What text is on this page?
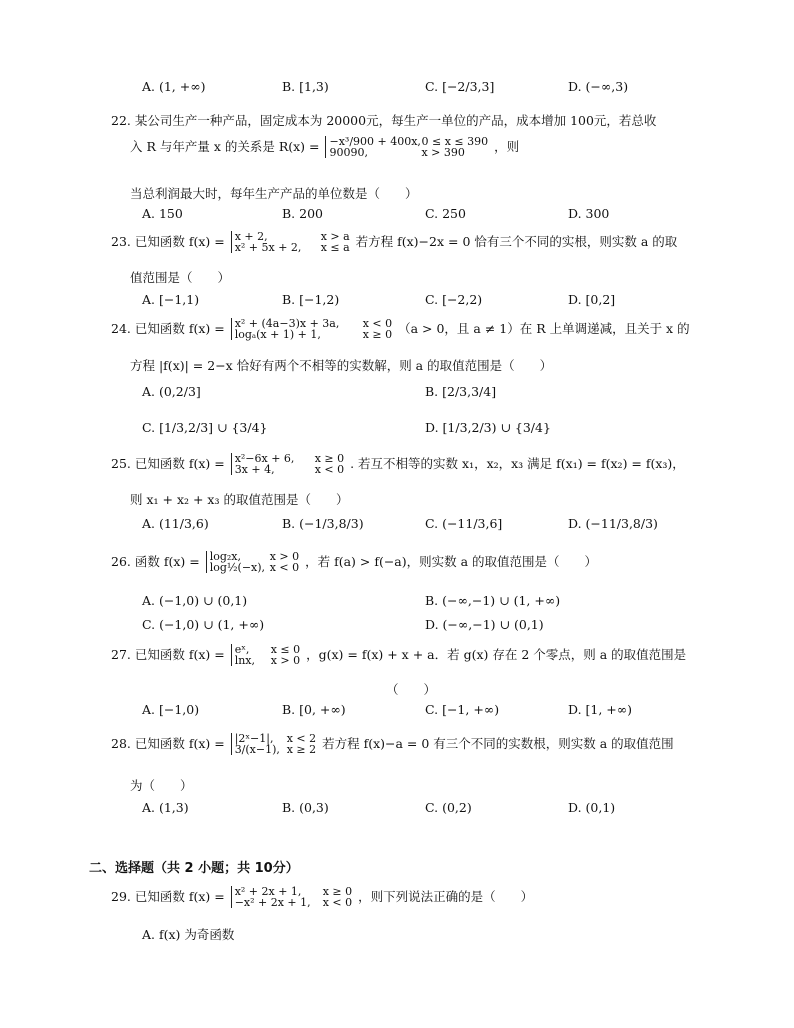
A. (1, +∞)	B. [1,3)	C. [−2/3,3]	D. (−∞,3)
22. 某公司生产一种产品，固定成本为 20000元，每生产一单位的产品，成本增加 100元，若总收
入 R 与年产量 x 的关系是 R(x) = −x³/900 + 400x,0 ≤ x ≤ 390
90090,	x > 390	，则
当总利润最大时，每年生产产品的单位数是（　　）
A. 150	B. 200	C. 250	D. 300
23. 已知函数 f(x) = x + 2,	x > a
x² + 5x + 2, x ≤ a 若方程 f(x)−2x = 0 恰有三个不同的实根，则实数 a 的取
值范围是（　　）
A. [−1,1)	B. [−1,2)	C. [−2,2)	D. [0,2]
24. 已知函数 f(x) = x² + (4a−3)x + 3a, x < 0
logₐ(x + 1) + 1,	x ≥ 0 （a > 0，且 a ≠ 1）在 R 上单调递减，且关于 x 的
方程 |f(x)| = 2−x 恰好有两个不相等的实数解，则 a 的取值范围是（　　）
A. (0,2/3]	B. [2/3,3/4]
C. [1/3,2/3] ∪ {3/4}	D. [1/3,2/3) ∪ {3/4}
25. 已知函数 f(x) = x²−6x + 6, x ≥ 0
3x + 4,	x < 0 . 若互不相等的实数 x₁，x₂，x₃ 满足 f(x₁) = f(x₂) = f(x₃)，
则 x₁ + x₂ + x₃ 的取值范围是（　　）
A. (11/3,6)	B. (−1/3,8/3)	C. (−11/3,6]	D. (−11/3,8/3)
26. 函数 f(x) = log₂x,	x > 0
log½(−x), x < 0 ，若 f(a) > f(−a)，则实数 a 的取值范围是（　　）
A. (−1,0) ∪ (0,1)	B. (−∞,−1) ∪ (1, +∞)
C. (−1,0) ∪ (1, +∞)	D. (−∞,−1) ∪ (0,1)
27. 已知函数 f(x) = eˣ, x ≤ 0
lnx, x > 0 ，g(x) = f(x) + x + a．若 g(x) 存在 2 个零点，则 a 的取值范围是
（　　）
A. [−1,0)	B. [0, +∞)	C. [−1, +∞)	D. [1, +∞)
28. 已知函数 f(x) = |2ˣ−1|, x < 2
3/(x−1), x ≥ 2 若方程 f(x)−a = 0 有三个不同的实数根，则实数 a 的取值范围
为（　　）
A. (1,3)	B. (0,3)	C. (0,2)	D. (0,1)
二、选择题（共 2 小题；共 10分）
29. 已知函数 f(x) = x² + 2x + 1, x ≥ 0
−x² + 2x + 1, x < 0 ，则下列说法正确的是（　　）
A. f(x) 为奇函数
